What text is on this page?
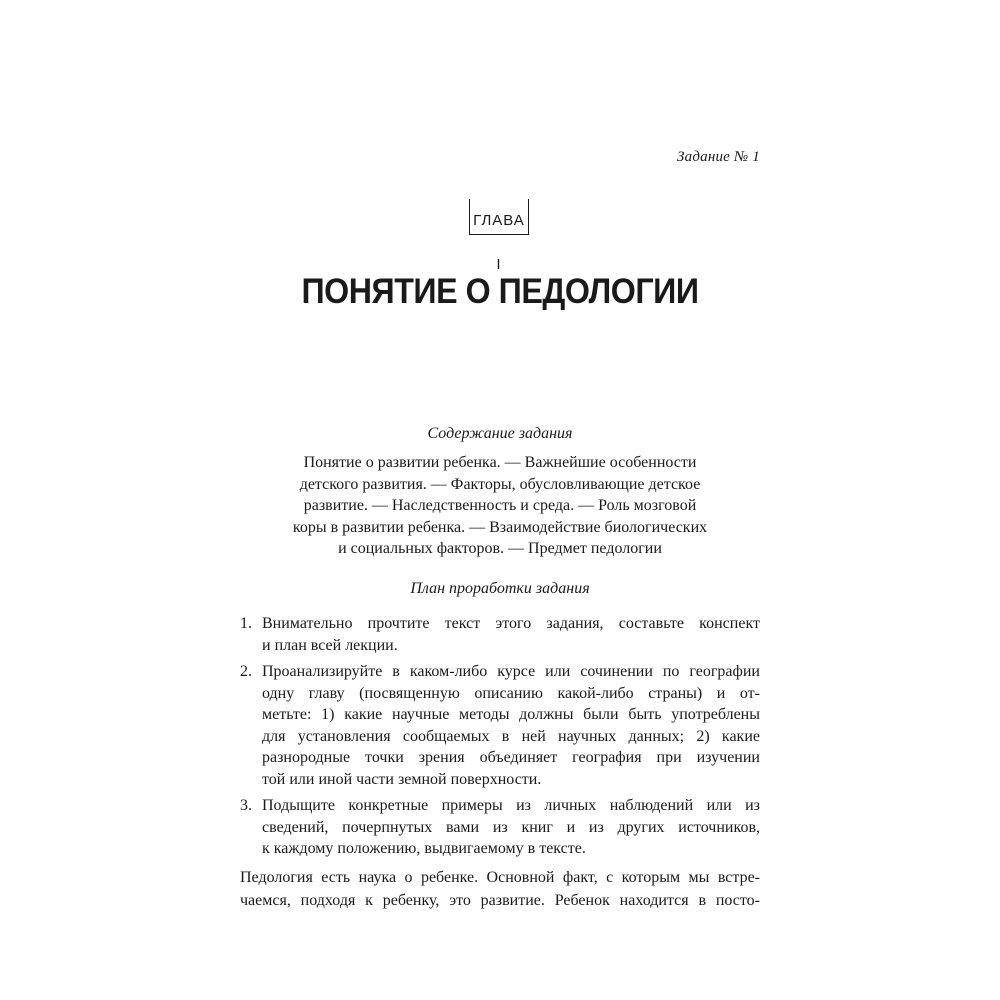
Задание № 1
ГЛАВА I
ПОНЯТИЕ О ПЕДОЛОГИИ
Содержание задания
Понятие о развитии ребенка. — Важнейшие особенности
детского развития. — Факторы, обусловливающие детское
развитие. — Наследственность и среда. — Роль мозговой
коры в развитии ребенка. — Взаимодействие биологических
и социальных факторов. — Предмет педологии
План проработки задания
1. Внимательно прочтите текст этого задания, составьте конспект
и план всей лекции.
2. Проанализируйте в каком-либо курсе или сочинении по географии
одну главу (посвященную описанию какой-либо страны) и от-
метьте: 1) какие научные методы должны были быть употреблены
для установления сообщаемых в ней научных данных; 2) какие
разнородные точки зрения объединяет география при изучении
той или иной части земной поверхности.
3. Подыщите конкретные примеры из личных наблюдений или из
сведений, почерпнутых вами из книг и из других источников,
к каждому положению, выдвигаемому в тексте.
Педология есть наука о ребенке. Основной факт, с которым мы встре-
чаемся, подходя к ребенку, это развитие. Ребенок находится в посто-
